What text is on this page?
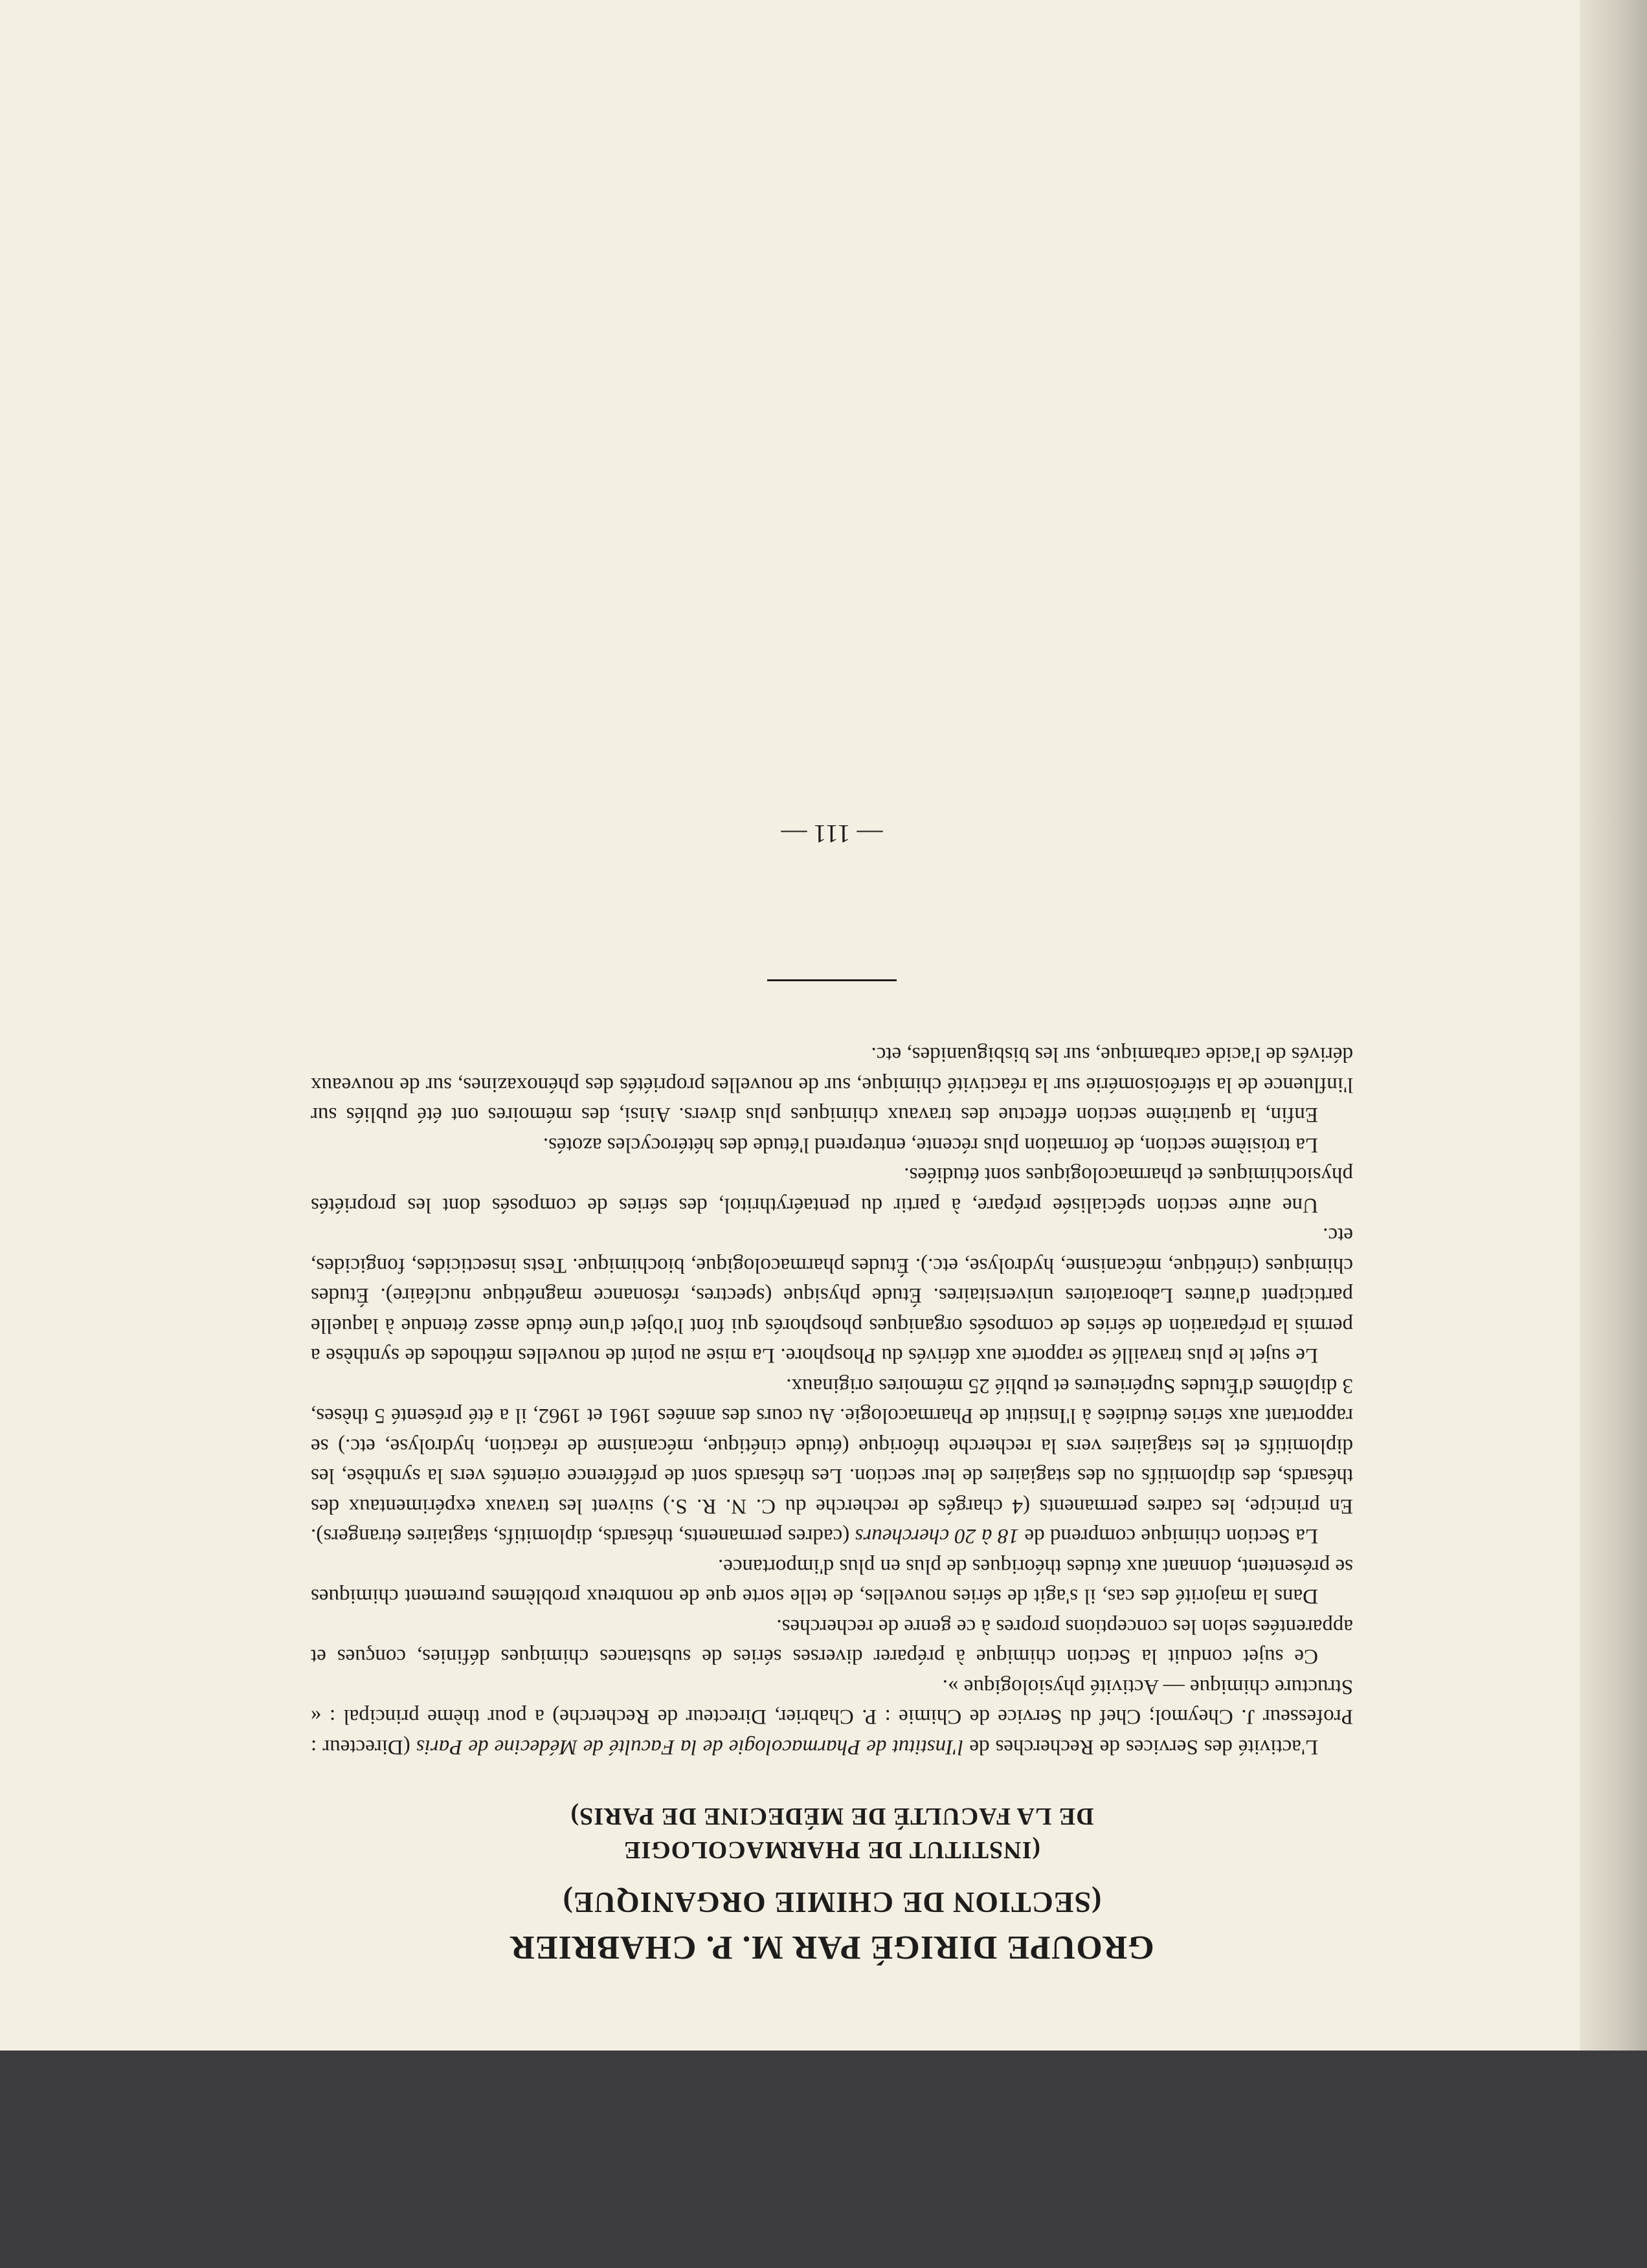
GROUPE DIRIGÉ PAR M. P. CHABRIER
(SECTION DE CHIMIE ORGANIQUE)
(INSTITUT DE PHARMACOLOGIE
DE LA FACULTÉ DE MÉDECINE DE PARIS)

L'activité des Services de Recherches de l'Institut de Pharmacologie de la Faculté de Médecine de Paris (Directeur : Professeur J. Cheymol; Chef du Service de Chimie : P. Chabrier, Directeur de Recherche) a pour thème principal : « Structure chimique — Activité physiologique ».

Ce sujet conduit la Section chimique à préparer diverses séries de substances chimiques définies, conçues et apparentées selon les conceptions propres à ce genre de recherches.

Dans la majorité des cas, il s'agit de séries nouvelles, de telle sorte que de nombreux problèmes purement chimiques se présentent, donnant aux études théoriques de plus en plus d'importance.

La Section chimique comprend de 18 à 20 chercheurs (cadres permanents, thésards, diplomitifs, stagiaires étrangers). En principe, les cadres permanents (4 chargés de recherche du C. N. R. S.) suivent les travaux expérimentaux des thésards, des diplomitifs ou des stagiaires de leur section. Les thésards sont de préférence orientés vers la synthèse, les diplomitifs et les stagiaires vers la recherche théorique (étude cinétique, mécanisme de réaction, hydrolyse, etc.) se rapportant aux séries étudiées à l'Institut de Pharmacologie. Au cours des années 1961 et 1962, il a été présenté 5 thèses, 3 diplômes d'Études Supérieures et publié 25 mémoires originaux.

Le sujet le plus travaillé se rapporte aux dérivés du Phosphore. La mise au point de nouvelles méthodes de synthèse a permis la préparation de séries de composés organiques phosphorés qui font l'objet d'une étude assez étendue à laquelle participent d'autres Laboratoires universitaires. Étude physique (spectres, résonance magnétique nucléaire). Études chimiques (cinétique, mécanisme, hydrolyse, etc.). Études pharmacologique, biochimique. Tests insecticides, fongicides, etc.

Une autre section spécialisée prépare, à partir du pentaérythritol, des séries de composés dont les propriétés physiochimiques et pharmacologiques sont étudiées.

La troisième section, de formation plus récente, entreprend l'étude des hétérocycles azotés.

Enfin, la quatrième section effectue des travaux chimiques plus divers. Ainsi, des mémoires ont été publiés sur l'influence de la stéréoisomérie sur la réactivité chimique, sur de nouvelles propriétés des phénoxazines, sur de nouveaux dérivés de l'acide carbamique, sur les bisbiguanides, etc.

— 111 —
